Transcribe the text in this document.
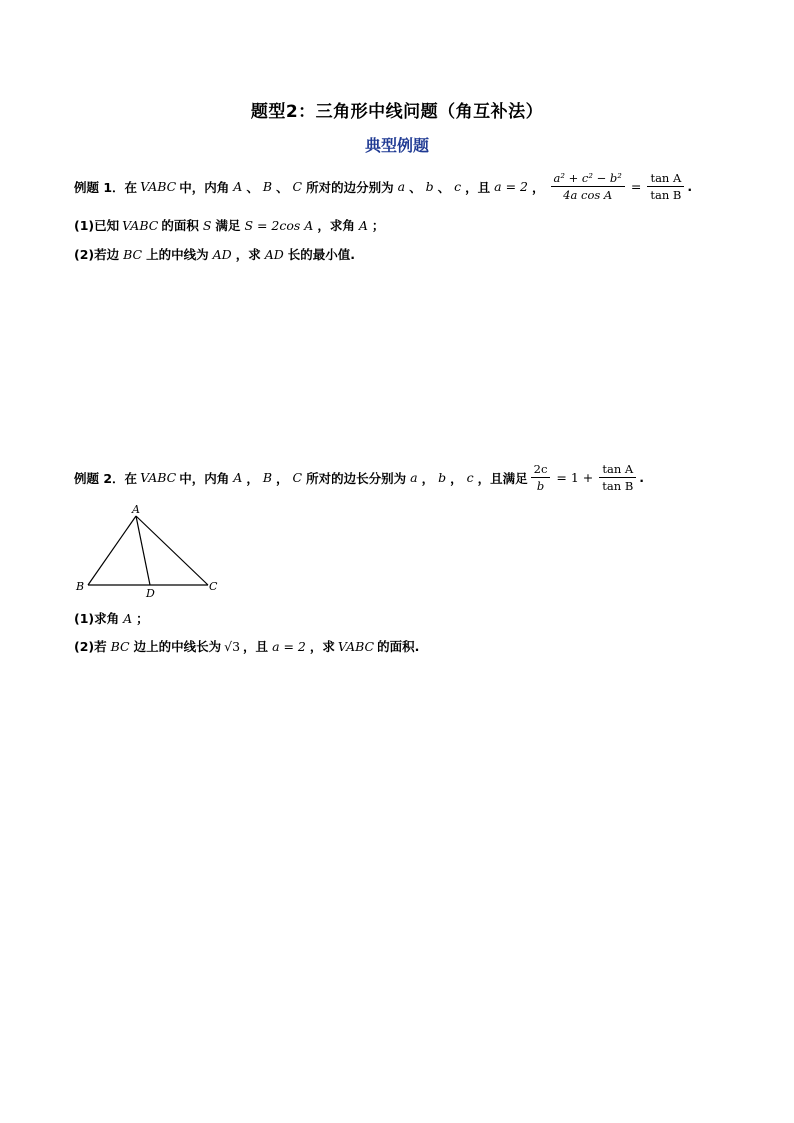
题型2：三角形中线问题（角互补法）
典型例题
例题 1．在 VABC 中，内角 A 、 B 、 C 所对的边分别为 a 、 b 、 c ， 且 a = 2 ， $\frac{\text{a² + c² − b²}}{\text{4a cos A}} = \frac{\text{tan A}}{\text{tan B}}$ .
(1)已知 VABC 的面积 S 满足 S = 2cos A ，求角 A ；
(2)若边 BC 上的中线为 AD ，求 AD 长的最小值.
例题 2．在 VABC 中，内角 A ， B ， C 所对的边长分别为 a ， b ， c ，且满足 $\frac{2c}{b} = 1 + \frac{\text{tan A}}{\text{tan B}}$ .
A
B	C
D
(1)求角 A ；
(2)若 BC 边上的中线长为 √3 ，且 a = 2 ，求 VABC 的面积.
